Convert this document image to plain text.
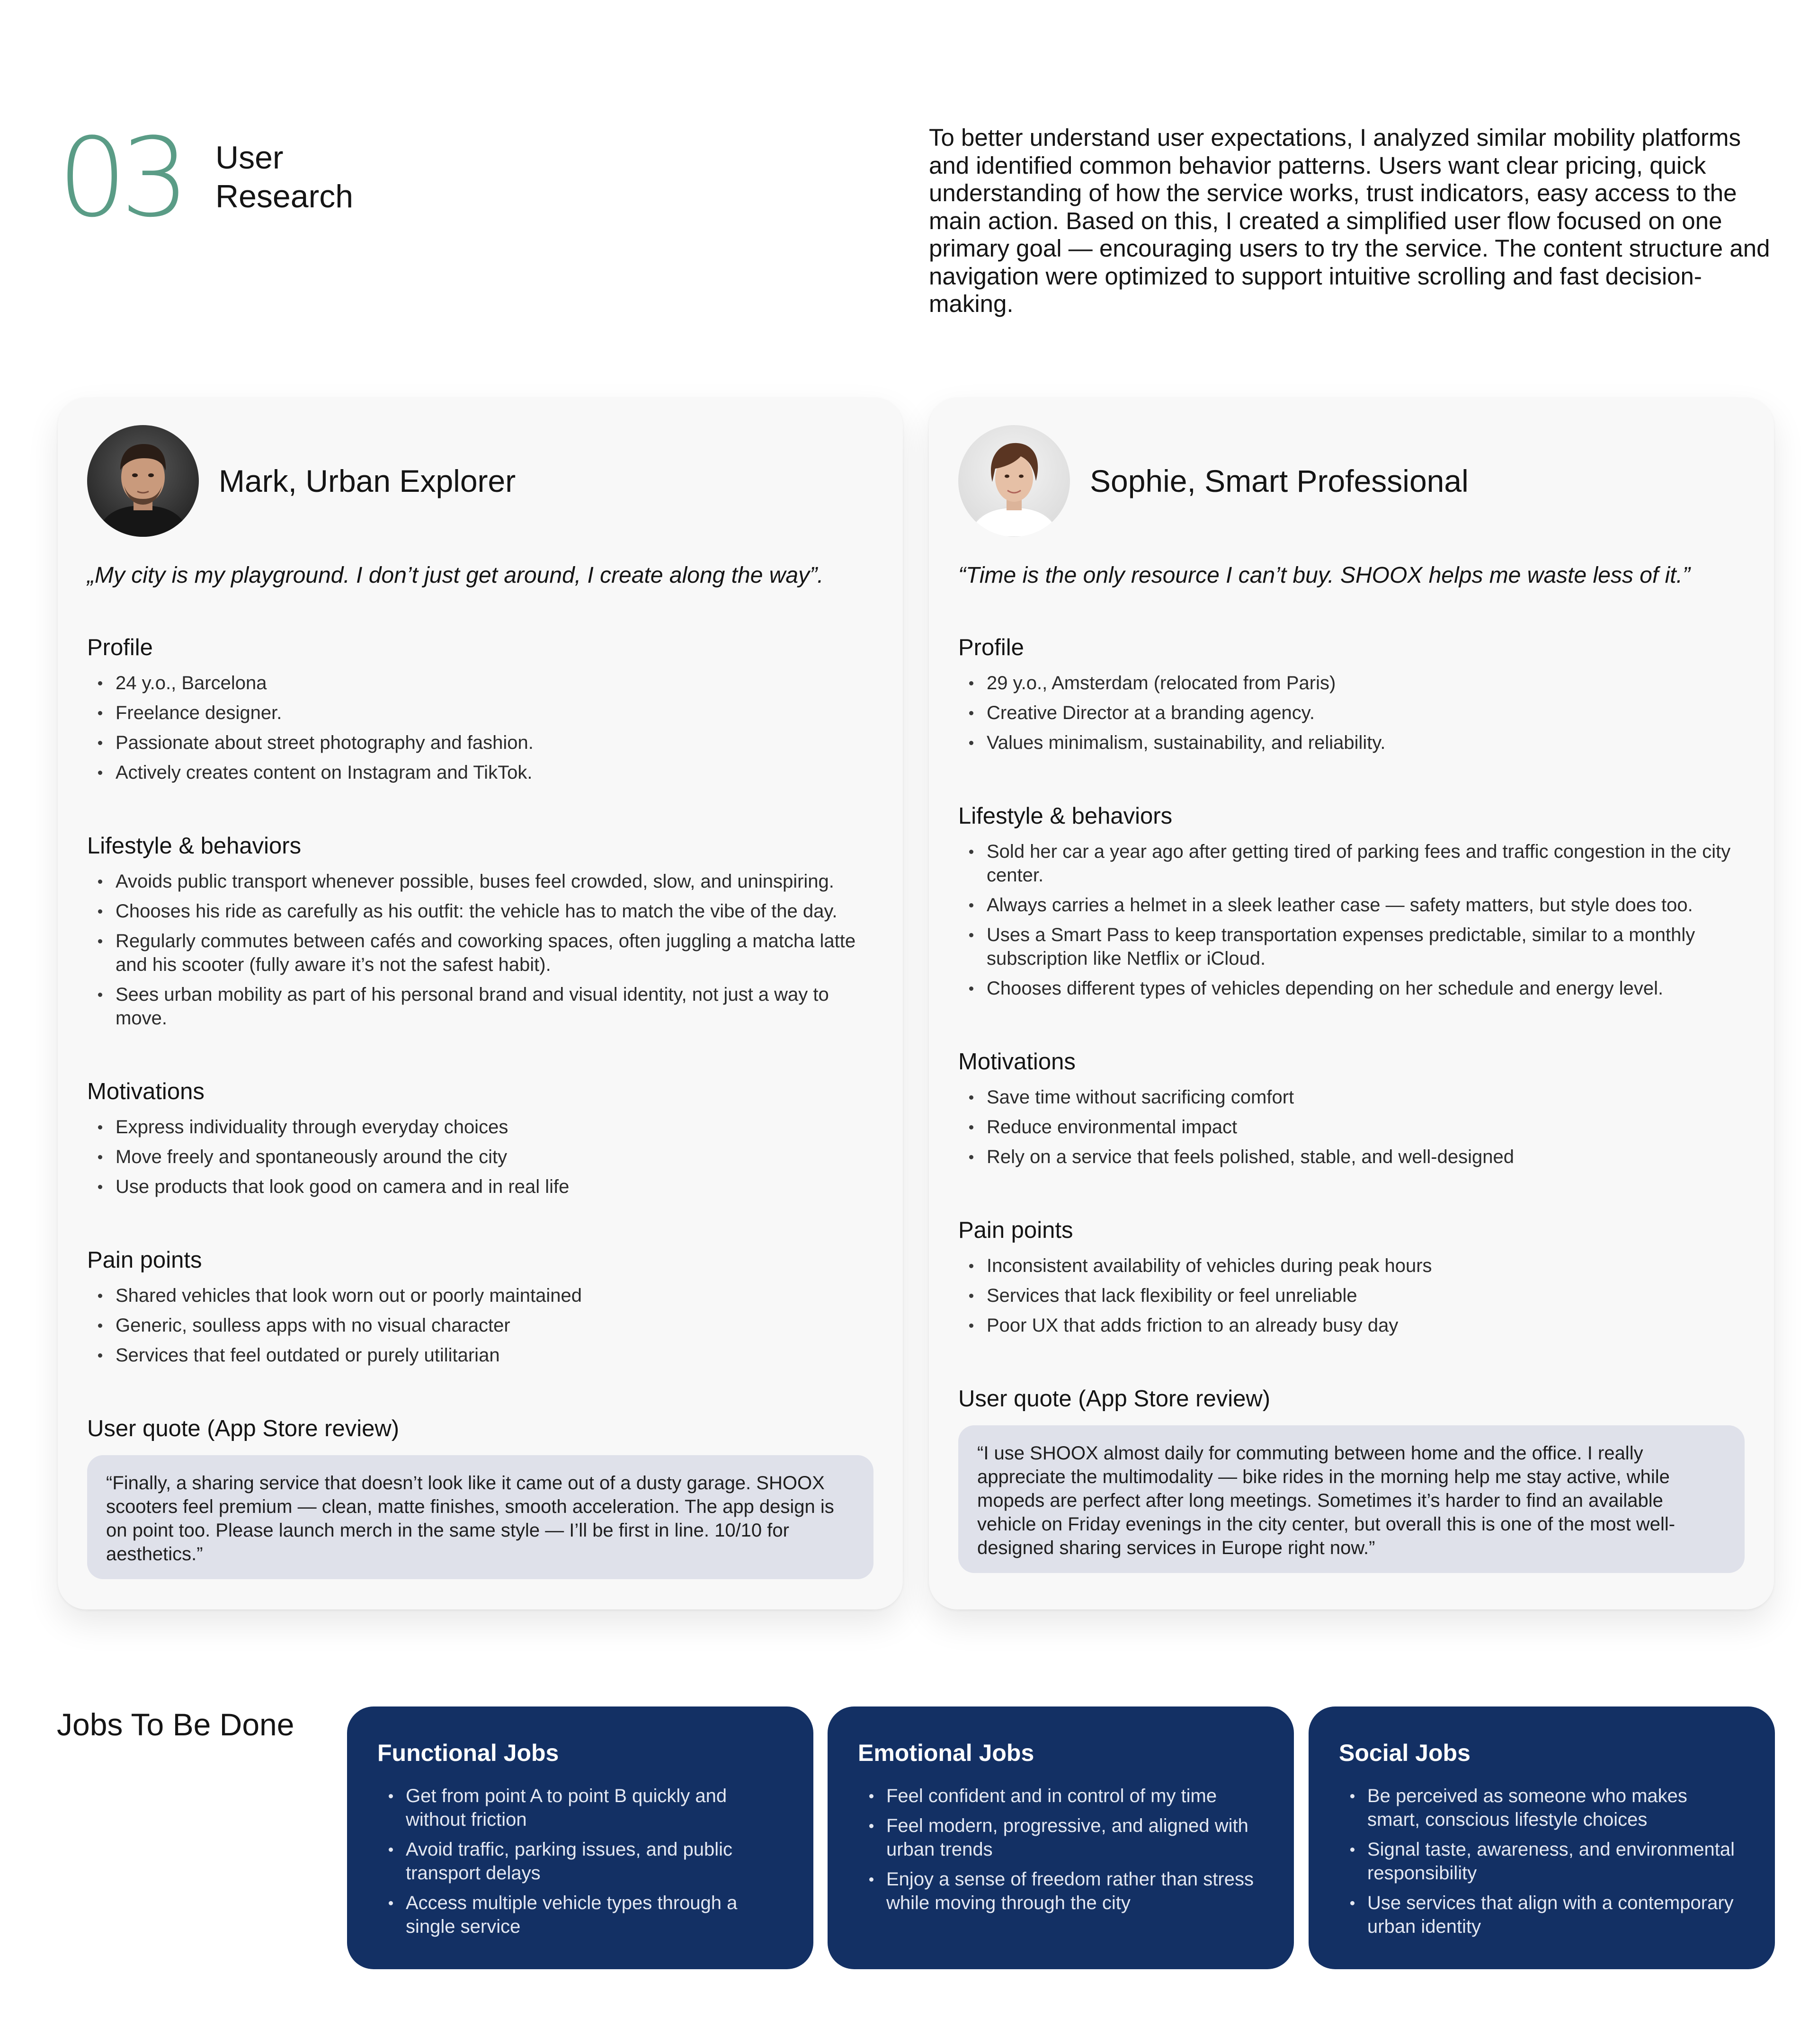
03 User
Research

To better understand user expectations, I analyzed similar mobility platforms and identified common behavior patterns. Users want clear pricing, quick understanding of how the service works, trust indicators, easy access to the main action. Based on this, I created a simplified user flow focused on one primary goal — encouraging users to try the service. The content structure and navigation were optimized to support intuitive scrolling and fast decision-making.

Mark, Urban Explorer
„My city is my playground. I don’t just get around, I create along the way”.
Profile
24 y.o., Barcelona
Freelance designer.
Passionate about street photography and fashion.
Actively creates content on Instagram and TikTok.
Lifestyle & behaviors
Avoids public transport whenever possible, buses feel crowded, slow, and uninspiring.
Chooses his ride as carefully as his outfit: the vehicle has to match the vibe of the day.
Regularly commutes between cafés and coworking spaces, often juggling a matcha latte and his scooter (fully aware it’s not the safest habit).
Sees urban mobility as part of his personal brand and visual identity, not just a way to move.
Motivations
Express individuality through everyday choices
Move freely and spontaneously around the city
Use products that look good on camera and in real life
Pain points
Shared vehicles that look worn out or poorly maintained
Generic, soulless apps with no visual character
Services that feel outdated or purely utilitarian
User quote (App Store review)
“Finally, a sharing service that doesn’t look like it came out of a dusty garage. SHOOX scooters feel premium — clean, matte finishes, smooth acceleration. The app design is on point too. Please launch merch in the same style — I’ll be first in line. 10/10 for aesthetics.”
Sophie, Smart Professional
“Time is the only resource I can’t buy. SHOOX helps me waste less of it.”
Profile
29 y.o., Amsterdam (relocated from Paris)
Creative Director at a branding agency.
Values minimalism, sustainability, and reliability.
Lifestyle & behaviors
Sold her car a year ago after getting tired of parking fees and traffic congestion in the city center.
Always carries a helmet in a sleek leather case — safety matters, but style does too.
Uses a Smart Pass to keep transportation expenses predictable, similar to a monthly subscription like Netflix or iCloud.
Chooses different types of vehicles depending on her schedule and energy level.
Motivations
Save time without sacrificing comfort
Reduce environmental impact
Rely on a service that feels polished, stable, and well-designed
Pain points
Inconsistent availability of vehicles during peak hours
Services that lack flexibility or feel unreliable
Poor UX that adds friction to an already busy day
User quote (App Store review)
“I use SHOOX almost daily for commuting between home and the office. I really appreciate the multimodality — bike rides in the morning help me stay active, while mopeds are perfect after long meetings. Sometimes it’s harder to find an available vehicle on Friday evenings in the city center, but overall this is one of the most well-designed sharing services in Europe right now.”
Jobs To Be Done
Functional Jobs
Get from point A to point B quickly and without friction
Avoid traffic, parking issues, and public transport delays
Access multiple vehicle types through a single service
Emotional Jobs
Feel confident and in control of my time
Feel modern, progressive, and aligned with urban trends
Enjoy a sense of freedom rather than stress while moving through the city
Social Jobs
Be perceived as someone who makes smart, conscious lifestyle choices
Signal taste, awareness, and environmental responsibility
Use services that align with a contemporary urban identity
